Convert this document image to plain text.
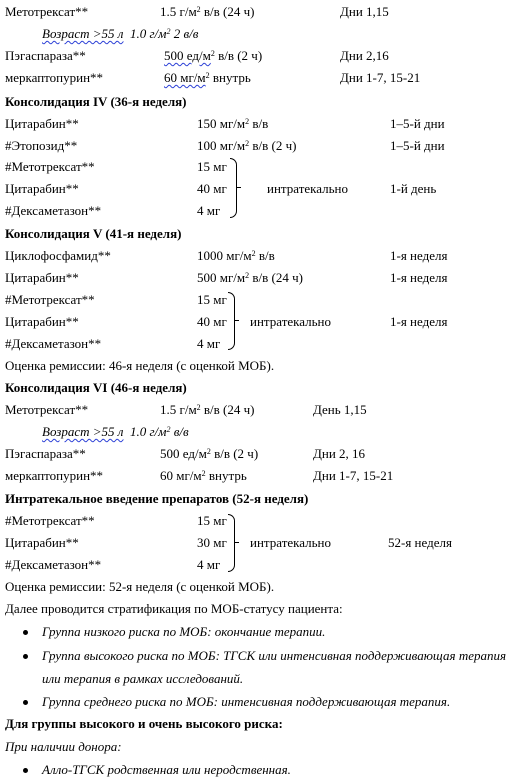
Метотрексат**	1.5 $г/м^2$ в/в (24 ч)	Дни 1,15
Возраст >55 л 1.0 $г/м^2$ 2 в/в
Пэгаспарaза**	500 $ед/м^2$ в/в (2 ч)	Дни 2,16
меркаптопурин**	60 $мг/м^2$ внутрь	Дни 1-7, 15-21
Консолидация IV (36-я неделя)
Цитарабин**	150 $мг/м^2$ в/в	1–5-й дни
#Этопозид**	100 $мг/м^2$ в/в (2 ч)	1–5-й дни
#Метотрексат**	15 мг
Цитарабин**	40 мг
#Дексаметазон**	4 мг
интратекально	1-й день
Консолидация V (41-я неделя)
Циклофосфамид**	1000 $мг/м^2$ в/в	1-я неделя
Цитарабин**	500 $мг/м^2$ в/в (24 ч)	1-я неделя
#Метотрексат**	15 мг
Цитарабин**	40 мг
#Дексаметазон**	4 мг
интратекально	1-я неделя
Оценка ремиссии: 46-я неделя (с оценкой МОБ).
Консолидация VI (46-я неделя)
Метотрексат**	1.5 $г/м^2$ в/в (24 ч)	День 1,15
Возраст >55 л 1.0 $г/м^2$ в/в
Пэгаспарaза**	500 $ед/м^2$ в/в (2 ч)	Дни 2, 16
меркаптопурин**	60 $мг/м^2$ внутрь	Дни 1-7, 15-21
Интратекальное введение препаратов (52-я неделя)
#Метотрексат**	15 мг
Цитарабин**	30 мг
#Дексаметазон**	4 мг
интратекально	52-я неделя
Оценка ремиссии: 52-я неделя (с оценкой МОБ).
Далее проводится стратификация по МОБ-статусу пациента:
Группа низкого риска по МОБ: окончание терапии.
Группа высокого риска по МОБ: ТГСК или интенсивная поддерживающая терапия
или терапия в рамках исследований.
Группа среднего риска по МОБ: интенсивная поддерживающая терапия.
Для группы высокого и очень высокого риска:
При наличии донора:
Алло-ТГСК родственная или неродственная.
